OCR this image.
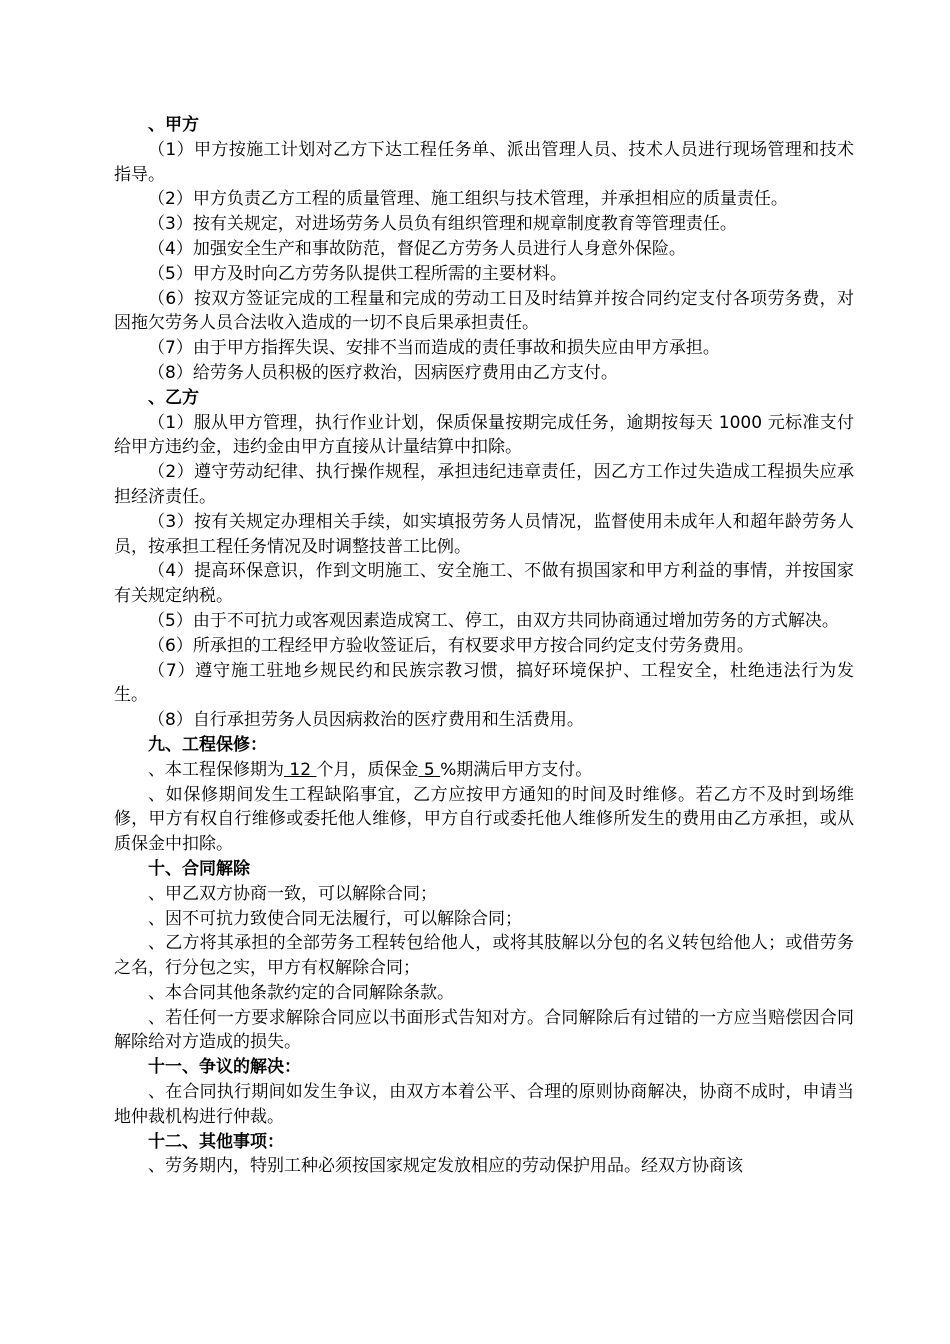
、甲方

（1）甲方按施工计划对乙方下达工程任务单、派出管理人员、技术人员进行现场管理和技术指导。

（2）甲方负责乙方工程的质量管理、施工组织与技术管理，并承担相应的质量责任。

（3）按有关规定，对进场劳务人员负有组织管理和规章制度教育等管理责任。

（4）加强安全生产和事故防范，督促乙方劳务人员进行人身意外保险。

（5）甲方及时向乙方劳务队提供工程所需的主要材料。

（6）按双方签证完成的工程量和完成的劳动工日及时结算并按合同约定支付各项劳务费，对因拖欠劳务人员合法收入造成的一切不良后果承担责任。

（7）由于甲方指挥失误、安排不当而造成的责任事故和损失应由甲方承担。

（8）给劳务人员积极的医疗救治，因病医疗费用由乙方支付。

、乙方

（1）服从甲方管理，执行作业计划，保质保量按期完成任务，逾期按每天 1000 元标准支付给甲方违约金，违约金由甲方直接从计量结算中扣除。

（2）遵守劳动纪律、执行操作规程，承担违纪违章责任，因乙方工作过失造成工程损失应承担经济责任。

（3）按有关规定办理相关手续，如实填报劳务人员情况，监督使用未成年人和超年龄劳务人员，按承担工程任务情况及时调整技普工比例。

（4）提高环保意识，作到文明施工、安全施工、不做有损国家和甲方利益的事情，并按国家有关规定纳税。

（5）由于不可抗力或客观因素造成窝工、停工，由双方共同协商通过增加劳务的方式解决。

（6）所承担的工程经甲方验收签证后，有权要求甲方按合同约定支付劳务费用。

（7）遵守施工驻地乡规民约和民族宗教习惯，搞好环境保护、工程安全，杜绝违法行为发生。

（8）自行承担劳务人员因病救治的医疗费用和生活费用。

九、工程保修：

、本工程保修期为 12 个月，质保金 5 %期满后甲方支付。

、如保修期间发生工程缺陷事宜，乙方应按甲方通知的时间及时维修。若乙方不及时到场维修，甲方有权自行维修或委托他人维修，甲方自行或委托他人维修所发生的费用由乙方承担，或从质保金中扣除。

十、合同解除

、甲乙双方协商一致，可以解除合同；

、因不可抗力致使合同无法履行，可以解除合同；

、乙方将其承担的全部劳务工程转包给他人，或将其肢解以分包的名义转包给他人；或借劳务之名，行分包之实，甲方有权解除合同；

、本合同其他条款约定的合同解除条款。

、若任何一方要求解除合同应以书面形式告知对方。合同解除后有过错的一方应当赔偿因合同解除给对方造成的损失。

十一、争议的解决：

、在合同执行期间如发生争议，由双方本着公平、合理的原则协商解决，协商不成时，申请当地仲裁机构进行仲裁。

十二、其他事项：

、劳务期内，特别工种必须按国家规定发放相应的劳动保护用品。经双方协商该
